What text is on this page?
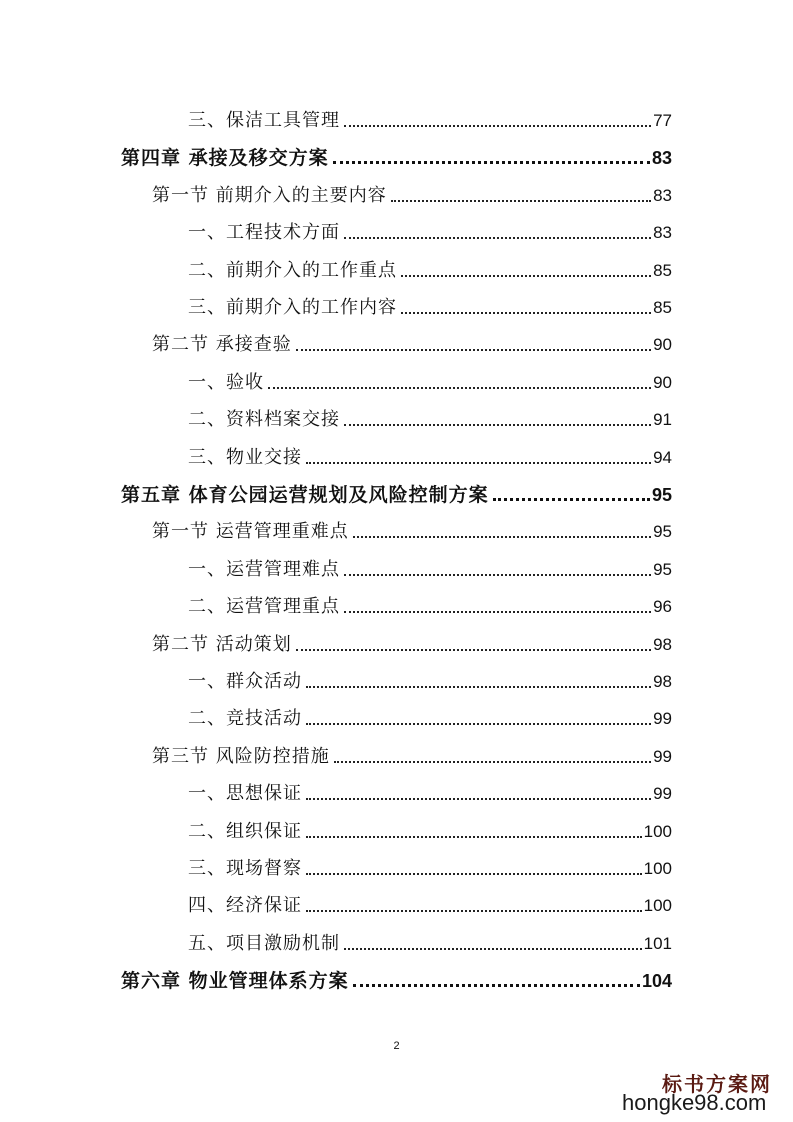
三、保洁工具管理	77
第四章 承接及移交方案	83
第一节 前期介入的主要内容	83
一、工程技术方面	83
二、前期介入的工作重点	85
三、前期介入的工作内容	85
第二节 承接查验	90
一、验收	90
二、资料档案交接	91
三、物业交接	94
第五章 体育公园运营规划及风险控制方案	95
第一节 运营管理重难点	95
一、运营管理难点	95
二、运营管理重点	96
第二节 活动策划	98
一、群众活动	98
二、竞技活动	99
第三节 风险防控措施	99
一、思想保证	99
二、组织保证	100
三、现场督察	100
四、经济保证	100
五、项目激励机制	101
第六章 物业管理体系方案	104
2
标书方案网
hongke98.com
